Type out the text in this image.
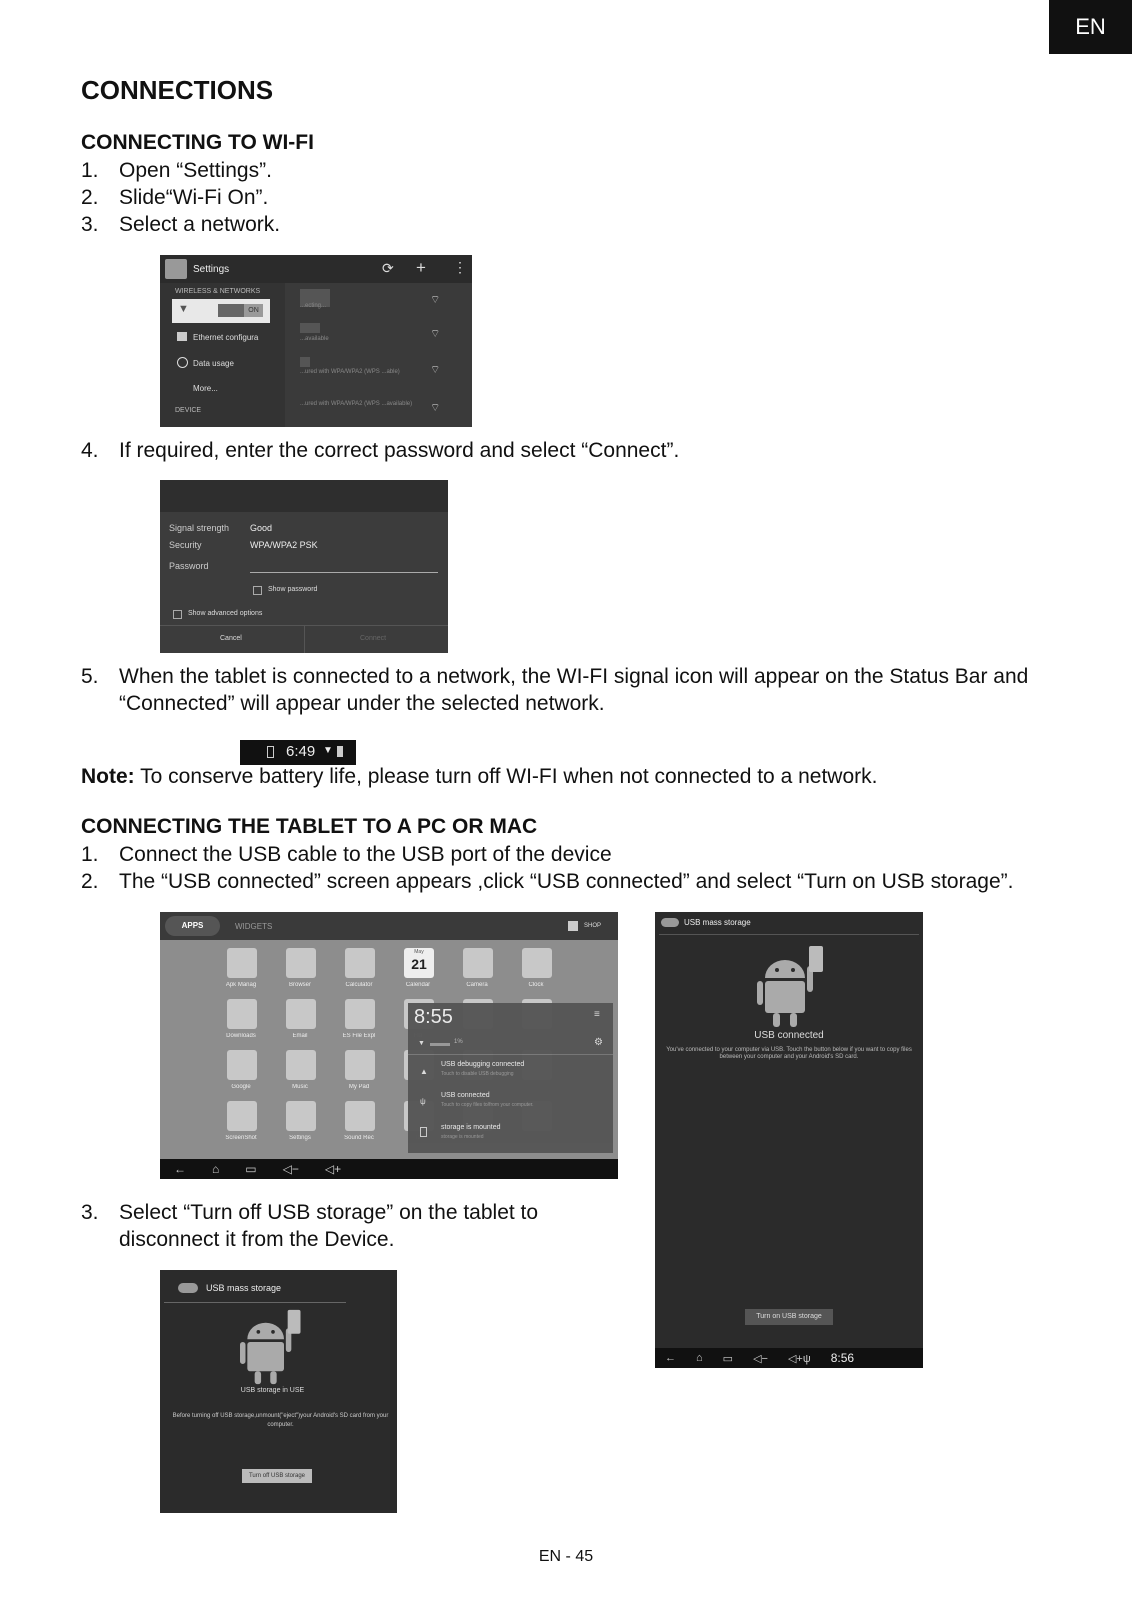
EN
CONNECTIONS
CONNECTING TO WI-FI
1. Open “Settings”.
2. Slide“Wi-Fi On”.
3. Select a network.
Settings	⟳ + ⋮
WIRELESS & NETWORKS
▼	ON
Ethernet configura
Data usage
More...
DEVICE
...ecting...	⌔
...available	⌔
...ured with WPA/WPA2 (WPS ...able)	⌔
...ured with WPA/WPA2 (WPS ...available)	⌔
4. If required, enter the correct password and select “Connect”.
Signal strength Good
Security	WPA/WPA2 PSK
Password
Show password
Show advanced options
Cancel	Connect
5. When the tablet is connected to a network, the WI-FI signal icon will appear on the Status Bar and “Connected” will appear under the selected network.
6:49 ▼
Note: To conserve battery life, please turn off WI-FI when not connected to a network.
CONNECTING THE TABLET TO A PC OR MAC
1. Connect the USB cable to the USB port of the device
2. The “USB connected” screen appears ,click “USB connected” and select “Turn on USB storage”.
APPS	WIDGETS	SHOP
Apk Manag	Browser	Calculator
May
21
Calendar	Camera	Clock
Downloads	Email	ES File Expl
Google	Music	My Pad
ScreenShot	Settings	Sound Rec
8:55	≡
▼	1%	⚙
▲
USB debugging connected
Touch to disable USB debugging
ψ
USB connected
Touch to copy files to/from your computer.
storage is mounted
storage is mounted
← ⌂ ▭ ◁− ◁+
USB mass storage
USB connected
You've connected to your computer via USB. Touch the button below if you want to copy files between your computer and your Android's SD card.
Turn on USB storage
← ⌂ ▭ ◁− ◁+ψ 8:56
3. Select “Turn off USB storage” on the tablet to disconnect it from the Device.
USB mass storage
USB storage in USE
Before turning off USB storage,unmount("eject")your Android's SD card from your computer.
Turn off USB storage
EN - 45
